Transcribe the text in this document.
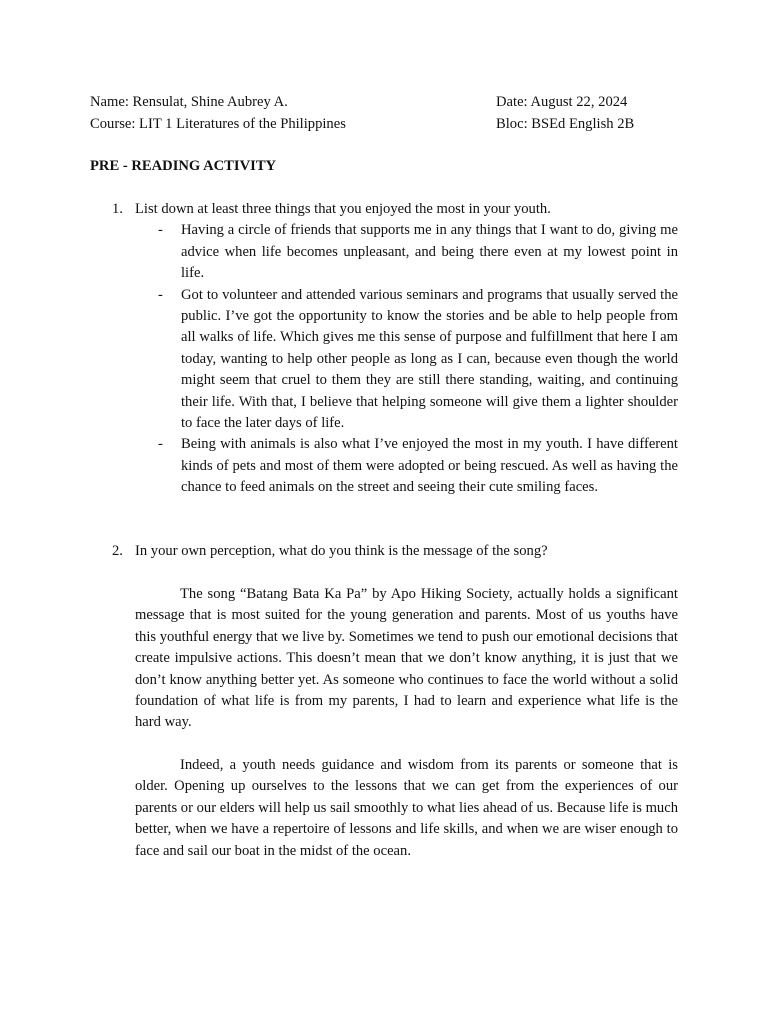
Name: Rensulat, Shine Aubrey A.	Date: August 22, 2024
Course: LIT 1 Literatures of the Philippines	Bloc: BSEd English 2B
PRE - READING ACTIVITY
1. List down at least three things that you enjoyed the most in your youth.
- Having a circle of friends that supports me in any things that I want to do, giving me advice when life becomes unpleasant, and being there even at my lowest point in life.
- Got to volunteer and attended various seminars and programs that usually served the public. I’ve got the opportunity to know the stories and be able to help people from all walks of life. Which gives me this sense of purpose and fulfillment that here I am today, wanting to help other people as long as I can, because even though the world might seem that cruel to them they are still there standing, waiting, and continuing their life. With that, I believe that helping someone will give them a lighter shoulder to face the later days of life.
- Being with animals is also what I’ve enjoyed the most in my youth. I have different kinds of pets and most of them were adopted or being rescued. As well as having the chance to feed animals on the street and seeing their cute smiling faces.
2. In your own perception, what do you think is the message of the song?
The song “Batang Bata Ka Pa” by Apo Hiking Society, actually holds a significant message that is most suited for the young generation and parents. Most of us youths have this youthful energy that we live by. Sometimes we tend to push our emotional decisions that create impulsive actions. This doesn’t mean that we don’t know anything, it is just that we don’t know anything better yet. As someone who continues to face the world without a solid foundation of what life is from my parents, I had to learn and experience what life is the hard way.
Indeed, a youth needs guidance and wisdom from its parents or someone that is older. Opening up ourselves to the lessons that we can get from the experiences of our parents or our elders will help us sail smoothly to what lies ahead of us. Because life is much better, when we have a repertoire of lessons and life skills, and when we are wiser enough to face and sail our boat in the midst of the ocean.
